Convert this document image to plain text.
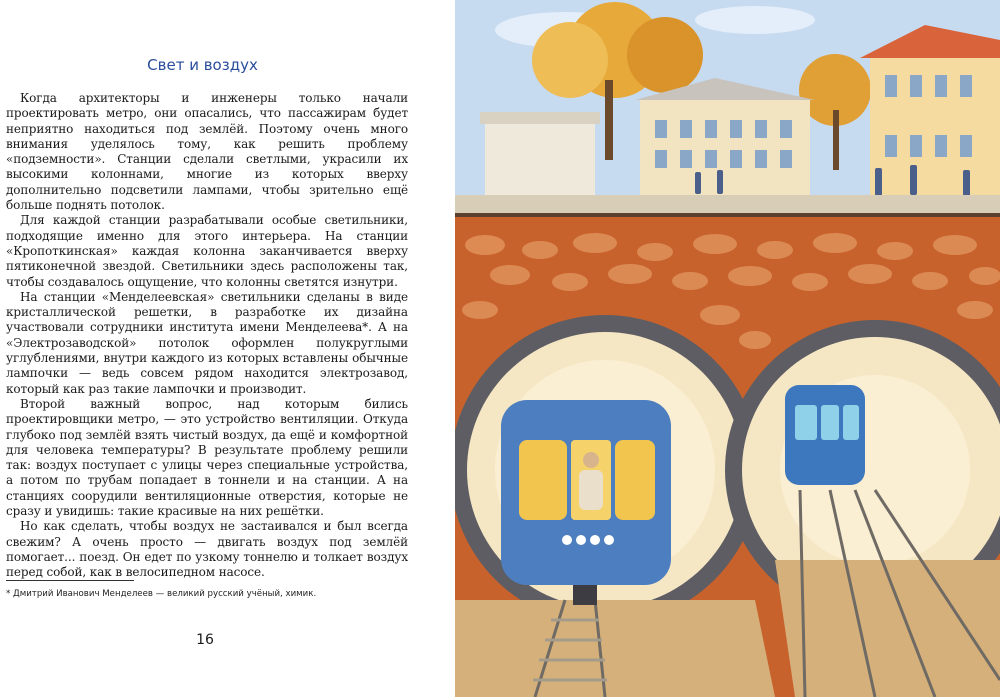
Свет и воздух

Когда архитекторы и инженеры только начали проектировать метро, они опасались, что пассажирам будет неприятно находиться под землёй. Поэтому очень много внимания уделялось тому, как решить проблему «подземности». Станции сделали светлыми, украсили их высокими колоннами, многие из которых вверху дополнительно подсветили лампами, чтобы зрительно ещё больше поднять потолок.

Для каждой станции разрабатывали особые светильники, подходящие именно для этого интерьера. На станции «Кропоткинская» каждая колонна заканчивается вверху пятиконечной звездой. Светильники здесь расположены так, чтобы создавалось ощущение, что колонны светятся изнутри.

На станции «Менделеевская» светильники сделаны в виде кристаллической решетки, в разработке их дизайна участвовали сотрудники института имени Менделеева*. А на «Электрозаводской» потолок оформлен полукруглыми углублениями, внутри каждого из которых вставлены обычные лампочки — ведь совсем рядом находится электрозавод, который как раз такие лампочки и производит.

Второй важный вопрос, над которым бились проектировщики метро, — это устройство вентиляции. Откуда глубоко под землёй взять чистый воздух, да ещё и комфортной для человека температуры? В результате проблему решили так: воздух поступает с улицы через специальные устройства, а потом по трубам попадает в тоннели и на станции. А на станциях соорудили вентиляционные отверстия, которые не сразу и увидишь: такие красивые на них решётки.

Но как сделать, чтобы воздух не застаивался и был всегда свежим? А очень просто — двигать воздух под землёй помогает... поезд. Он едет по узкому тоннелю и толкает воздух перед собой, как в велосипедном насосе.

* Дмитрий Иванович Менделеев — великий русский учёный, химик.
16
